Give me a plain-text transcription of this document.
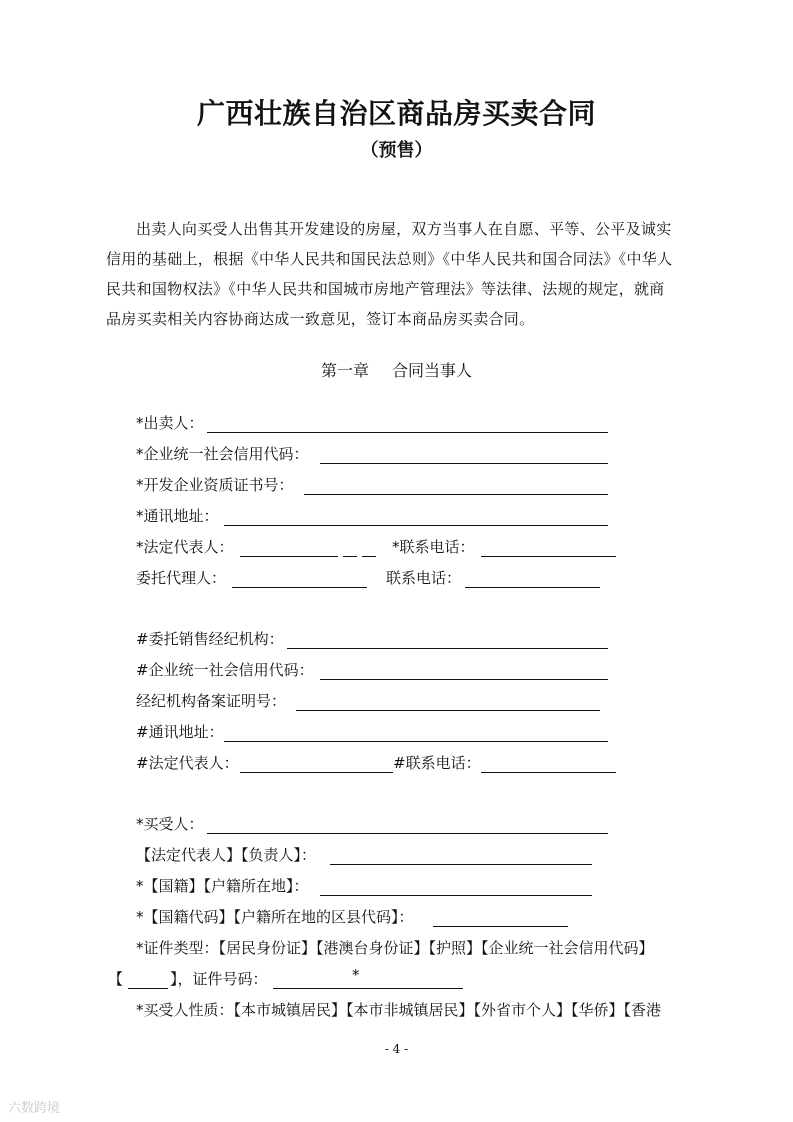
广西壮族自治区商品房买卖合同
（预售）
出卖人向买受人出售其开发建设的房屋，双方当事人在自愿、平等、公平及诚实
信用的基础上，根据《中华人民共和国民法总则》《中华人民共和国合同法》《中华人
民共和国物权法》《中华人民共和国城市房地产管理法》等法律、法规的规定，就商
品房买卖相关内容协商达成一致意见，签订本商品房买卖合同。
第一章 合同当事人
*出卖人：
*企业统一社会信用代码：
*开发企业资质证书号：
*通讯地址：
*法定代表人：	*联系电话：
委托代理人：	联系电话：
#委托销售经纪机构：
#企业统一社会信用代码：
经纪机构备案证明号：
#通讯地址：
#法定代表人：	#联系电话：
*买受人：
【法定代表人】【负责人】：
*【国籍】【户籍所在地】：
*【国籍代码】【户籍所在地的区县代码】：
*证件类型：【居民身份证】【港澳台身份证】【护照】【企业统一社会信用代码】
【	】，证件号码：	*
*买受人性质：【本市城镇居民】【本市非城镇居民】【外省市个人】【华侨】【香港
- 4 -
六数跨境
